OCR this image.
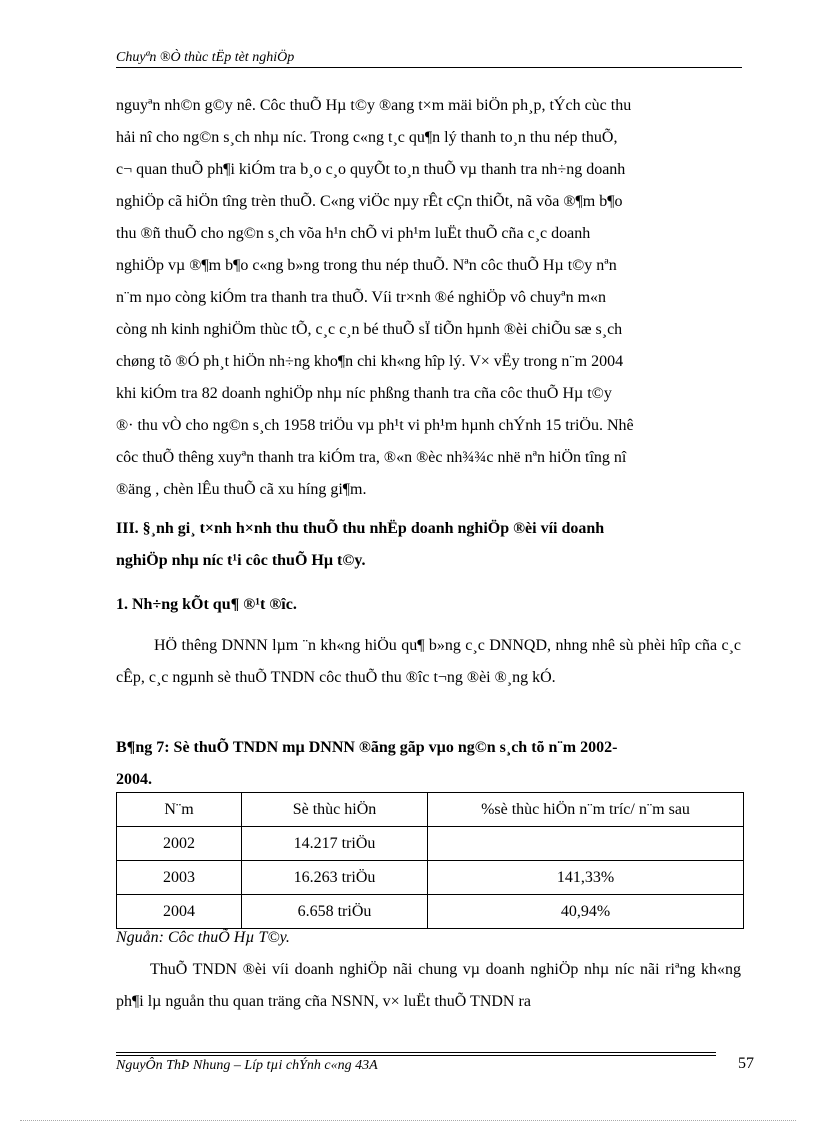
Chuyªn ®Ò thùc tËp tèt nghiÖp
nguyªn nh©n g©y nê. Côc thuÕ Hµ t©y ®ang t×m mäi biÖn ph¸p, tÝch cùc thu
hải nî cho ng©n s¸ch nhµ níc. Trong c«ng t¸c qu¶n lý thanh to¸n thu nép thuÕ,
c¬ quan thuÕ ph¶i kiÓm tra b¸o c¸o quyÕt to¸n thuÕ vµ thanh tra nh÷ng doanh
nghiÖp cã hiÖn tîng trèn thuÕ. C«ng viÖc nµy rÊt cÇn thiÕt, nã võa ®¶m b¶o
thu ®ñ thuÕ cho ng©n s¸ch võa h¹n chÕ vi ph¹m luËt thuÕ cña c¸c doanh
nghiÖp vµ ®¶m b¶o c«ng b»ng trong thu nép thuÕ. Nªn côc thuÕ Hµ t©y nªn
n¨m nµo còng kiÓm tra thanh tra thuÕ. Víi tr×nh ®é nghiÖp vô chuyªn m«n
còng nh kinh nghiÖm thùc tÕ, c¸c c¸n bé thuÕ sÏ tiÕn hµnh ®èi chiÕu sæ s¸ch
chøng tõ ®Ó ph¸t hiÖn nh÷ng kho¶n chi kh«ng hîp lý. V× vËy trong n¨m 2004
khi kiÓm tra 82 doanh nghiÖp nhµ níc phßng thanh tra cña côc thuÕ Hµ t©y
®· thu vÒ cho ng©n s¸ch 1958 triÖu vµ ph¹t vi ph¹m hµnh chÝnh 15 triÖu. Nhê
côc thuÕ thêng xuyªn thanh tra kiÓm tra, ®«n ®èc nh¾¾c nhë nªn hiÖn tîng nî
®äng , chèn lÊu thuÕ cã xu híng gi¶m.
III. §¸nh gi¸ t×nh h×nh thu thuÕ thu nhËp doanh nghiÖp ®èi víi doanh
nghiÖp nhµ níc t¹i côc thuÕ Hµ t©y.
1. Nh÷ng kÕt qu¶ ®¹t ®îc.
HÖ thêng DNNN lµm ¨n kh«ng hiÖu qu¶ b»ng c¸c DNNQD, nhng nhê sù phèi hîp cña c¸c cÊp, c¸c ngµnh sè thuÕ TNDN côc thuÕ thu ®îc t¬ng ®èi ®¸ng kÓ.
B¶ng 7: Sè thuÕ TNDN mµ DNNN ®ãng gãp vµo ng©n s¸ch tõ n¨m 2002-
2004.
N¨m	Sè thùc hiÖn	%sè thùc hiÖn n¨m tríc/ n¨m sau
2002	14.217 triÖu	
2003	16.263 triÖu	141,33%
2004	6.658 triÖu	40,94%
Nguån: Côc thuÕ Hµ T©y.
ThuÕ TNDN ®èi víi doanh nghiÖp nãi chung vµ doanh nghiÖp nhµ níc nãi riªng kh«ng ph¶i lµ nguån thu quan träng cña NSNN, v× luËt thuÕ TNDN ra
NguyÔn ThÞ Nhung – Líp tµi chÝnh c«ng 43A	57
